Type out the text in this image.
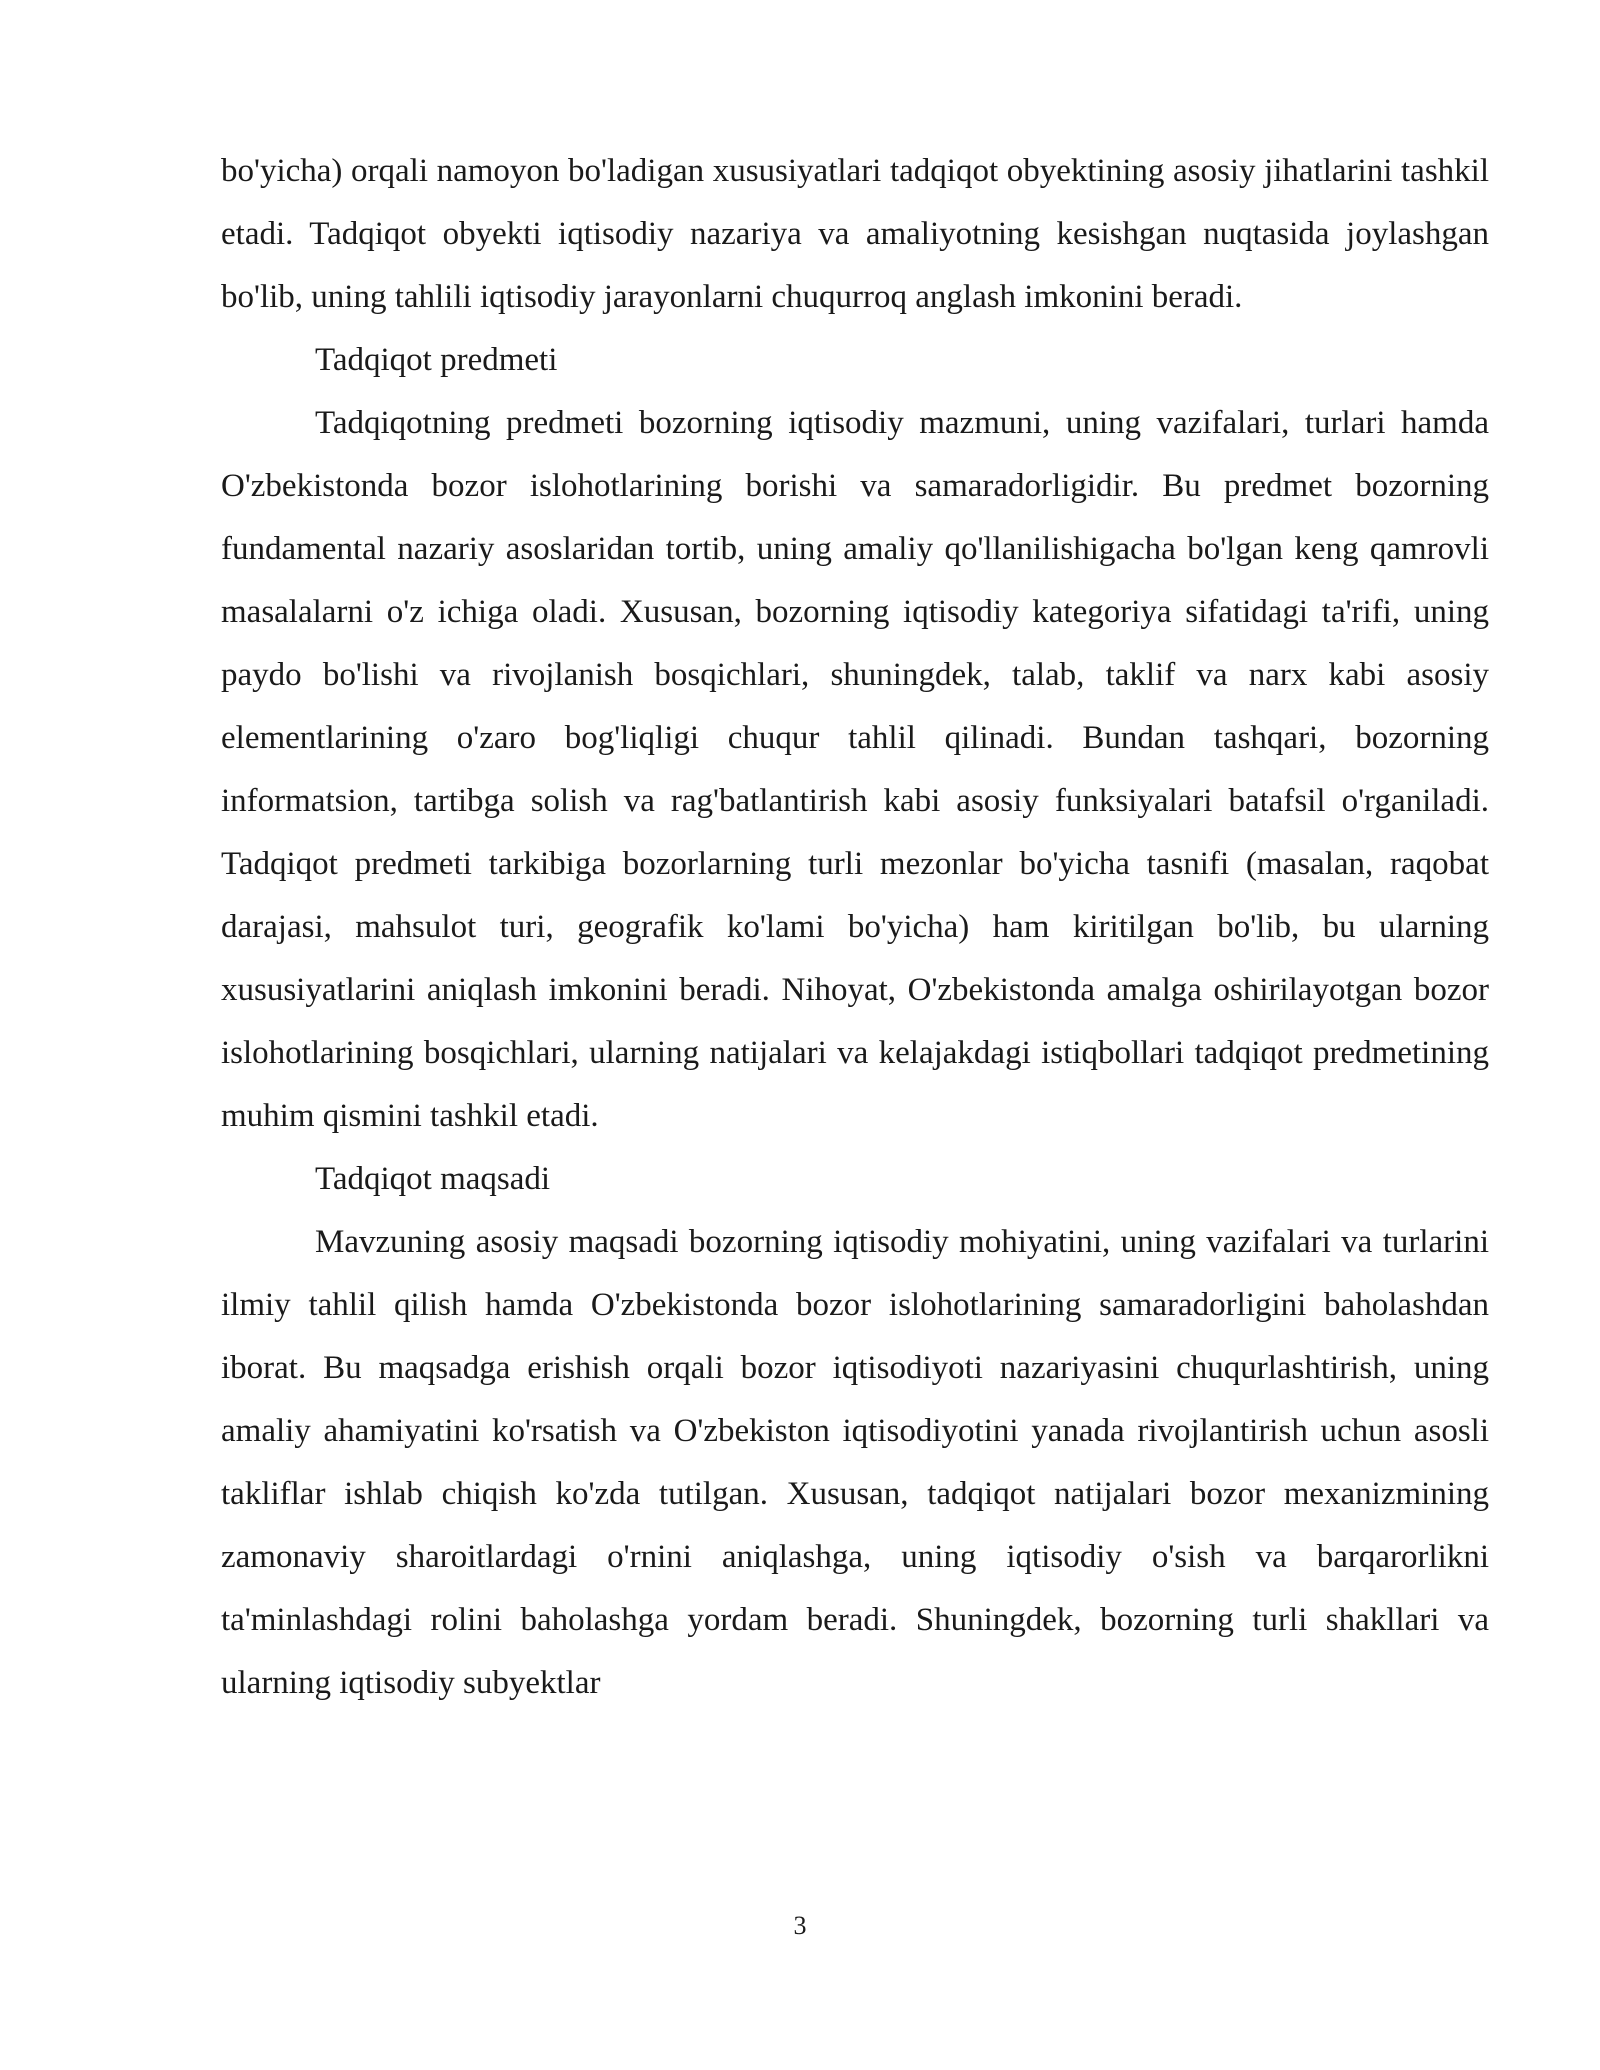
bo'yicha) orqali namoyon bo'ladigan xususiyatlari tadqiqot obyektining asosiy jihatlarini tashkil etadi. Tadqiqot obyekti iqtisodiy nazariya va amaliyotning kesishgan nuqtasida joylashgan bo'lib, uning tahlili iqtisodiy jarayonlarni chuqurroq anglash imkonini beradi.

Tadqiqot predmeti

Tadqiqotning predmeti bozorning iqtisodiy mazmuni, uning vazifalari, turlari hamda O'zbekistonda bozor islohotlarining borishi va samaradorligidir. Bu predmet bozorning fundamental nazariy asoslaridan tortib, uning amaliy qo'llanilishigacha bo'lgan keng qamrovli masalalarni o'z ichiga oladi. Xususan, bozorning iqtisodiy kategoriya sifatidagi ta'rifi, uning paydo bo'lishi va rivojlanish bosqichlari, shuningdek, talab, taklif va narx kabi asosiy elementlarining o'zaro bog'liqligi chuqur tahlil qilinadi. Bundan tashqari, bozorning informatsion, tartibga solish va rag'batlantirish kabi asosiy funksiyalari batafsil o'rganiladi. Tadqiqot predmeti tarkibiga bozorlarning turli mezonlar bo'yicha tasnifi (masalan, raqobat darajasi, mahsulot turi, geografik ko'lami bo'yicha) ham kiritilgan bo'lib, bu ularning xususiyatlarini aniqlash imkonini beradi. Nihoyat, O'zbekistonda amalga oshirilayotgan bozor islohotlarining bosqichlari, ularning natijalari va kelajakdagi istiqbollari tadqiqot predmetining muhim qismini tashkil etadi.

Tadqiqot maqsadi

Mavzuning asosiy maqsadi bozorning iqtisodiy mohiyatini, uning vazifalari va turlarini ilmiy tahlil qilish hamda O'zbekistonda bozor islohotlarining samaradorligini baholashdan iborat. Bu maqsadga erishish orqali bozor iqtisodiyoti nazariyasini chuqurlashtirish, uning amaliy ahamiyatini ko'rsatish va O'zbekiston iqtisodiyotini yanada rivojlantirish uchun asosli takliflar ishlab chiqish ko'zda tutilgan. Xususan, tadqiqot natijalari bozor mexanizmining zamonaviy sharoitlardagi o'rnini aniqlashga, uning iqtisodiy o'sish va barqarorlikni ta'minlashdagi rolini baholashga yordam beradi. Shuningdek, bozorning turli shakllari va ularning iqtisodiy subyektlar

3
